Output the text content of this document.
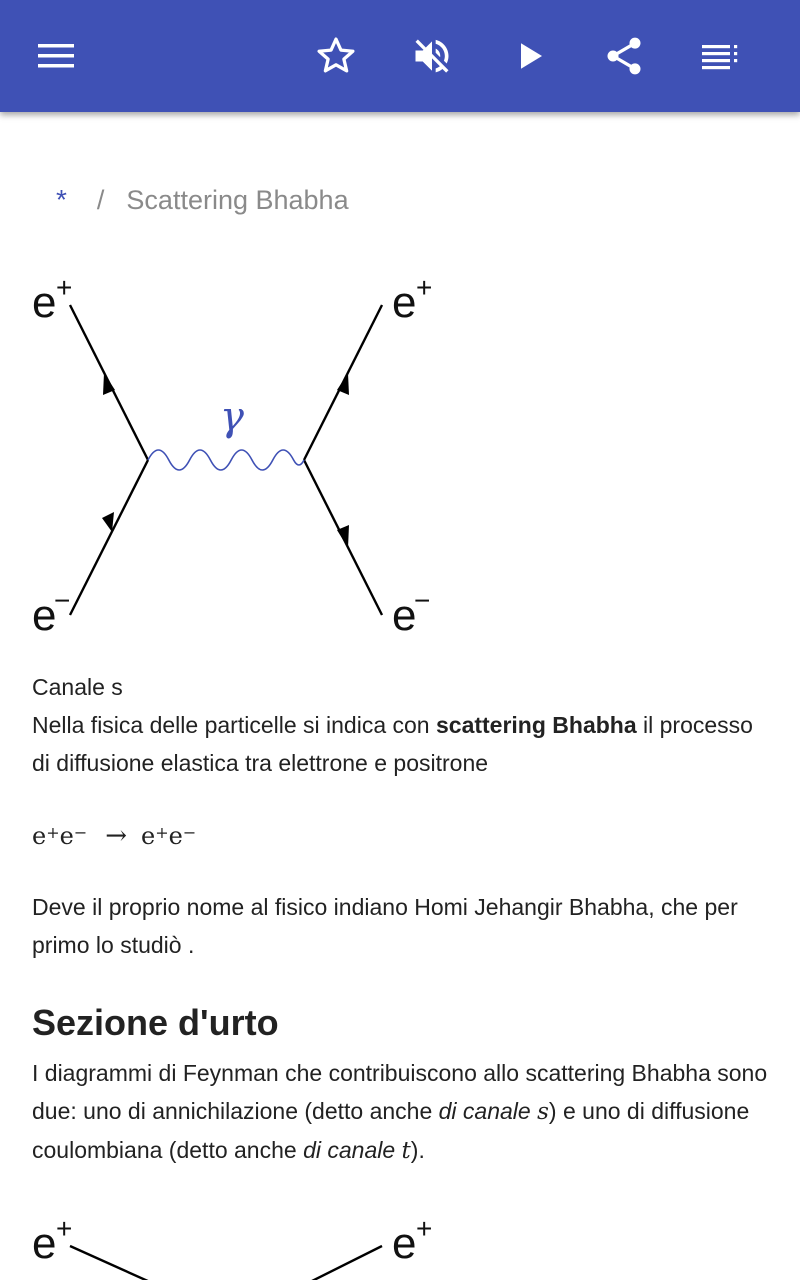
* / Scattering Bhabha
γ
e +	e +
e
−	e
−
Canale s
Nella fisica delle particelle si indica con scattering Bhabha il processo di diffusione elastica tra elettrone e positrone
e+ e− → e+ e−
Deve il proprio nome al fisico indiano Homi Jehangir Bhabha, che per primo lo studiò .
Sezione d'urto
I diagrammi di Feynman che contribuiscono allo scattering Bhabha sono due: uno di annichilazione (detto anche di canale s) e uno di diffusione coulombiana (detto anche di canale t).
e +	e +
